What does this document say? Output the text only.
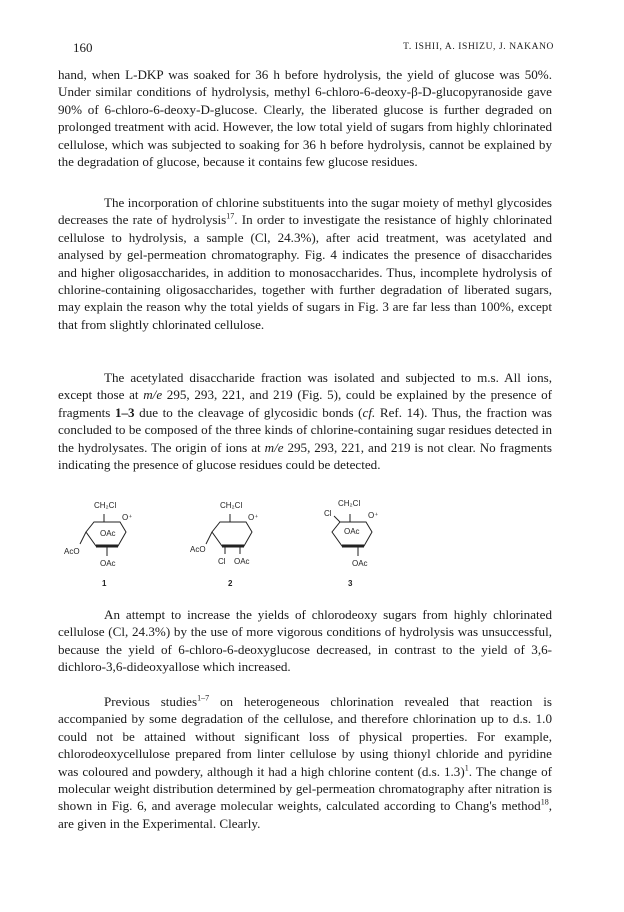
160	T. ISHII, A. ISHIZU, J. NAKANO

hand, when L-DKP was soaked for 36 h before hydrolysis, the yield of glucose was 50%. Under similar conditions of hydrolysis, methyl 6-chloro-6-deoxy-β-D-glucopyranoside gave 90% of 6-chloro-6-deoxy-D-glucose. Clearly, the liberated glucose is further degraded on prolonged treatment with acid. However, the low total yield of sugars from highly chlorinated cellulose, which was subjected to soaking for 36 h before hydrolysis, cannot be explained by the degradation of glucose, because it contains few glucose residues.

The incorporation of chlorine substituents into the sugar moiety of methyl glycosides decreases the rate of hydrolysis$^{17}$. In order to investigate the resistance of highly chlorinated cellulose to hydrolysis, a sample (Cl, 24.3%), after acid treatment, was acetylated and analysed by gel-permeation chromatography. Fig. 4 indicates the presence of disaccharides and higher oligosaccharides, in addition to monosaccharides. Thus, incomplete hydrolysis of chlorine-containing oligosaccharides, together with further degradation of liberated sugars, may explain the reason why the total yields of sugars in Fig. 3 are far less than 100%, except that from slightly chlorinated cellulose.

The acetylated disaccharide fraction was isolated and subjected to m.s. All ions, except those at m/e 295, 293, 221, and 219 (Fig. 5), could be explained by the presence of fragments 1–3 due to the cleavage of glycosidic bonds (cf. Ref. 14). Thus, the fraction was concluded to be composed of the three kinds of chlorine-containing sugar residues detected in the hydrolysates. The origin of ions at m/e 295, 293, 221, and 219 is not clear. No fragments indicating the presence of glucose residues could be detected.

CH₂Cl
O⁺
OAc
AcO
OAc
CH₂Cl
O⁺
AcO
Cl OAc
CH₂Cl
Cl	O⁺
OAc
OAc
1	2	3

An attempt to increase the yields of chlorodeoxy sugars from highly chlorinated cellulose (Cl, 24.3%) by the use of more vigorous conditions of hydrolysis was unsuccessful, because the yield of 6-chloro-6-deoxyglucose decreased, in contrast to the yield of 3,6-dichloro-3,6-dideoxyallose which increased.

Previous studies$^{1-7}$ on heterogeneous chlorination revealed that reaction is accompanied by some degradation of the cellulose, and therefore chlorination up to d.s. 1.0 could not be attained without significant loss of physical properties. For example, chlorodeoxycellulose prepared from linter cellulose by using thionyl chloride and pyridine was coloured and powdery, although it had a high chlorine content (d.s. 1.3)$^1$. The change of molecular weight distribution determined by gel-permeation chromatography after nitration is shown in Fig. 6, and average molecular weights, calculated according to Chang's method$^{18}$, are given in the Experimental. Clearly.
